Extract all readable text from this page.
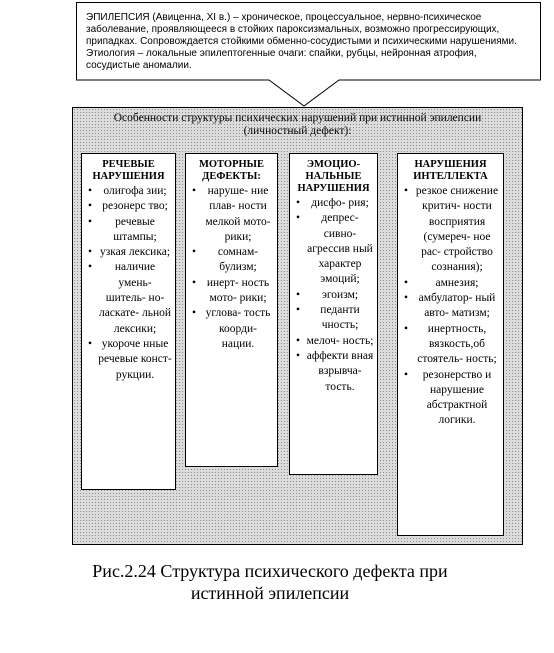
ЭПИЛЕПСИЯ (Авиценна, XI в.) – хроническое, процессуальное, нервно-психическое заболевание, проявляющееся в стойких пароксизмальных, возможно прогрессирующих, припадках. Сопровождается стойкими обменно-сосудистыми и психическими нарушениями. Этиология – локальные эпилептогенные очаги: спайки, рубцы, нейронная атрофия, сосудистые аномалии.
Особенности структуры психических нарушений при истинной эпилепсии
(личностный дефект):
РЕЧЕВЫЕ НАРУШЕНИЯ
• олигофа зии;
• резонерс тво;
• речевые штампы;
• узкая лексика;
• наличие умень- шитель- но- ласкате- льной лексики;
• укороче нные речевые конст- рукции.
МОТОРНЫЕ ДЕФЕКТЫ:
• наруше- ние плав- ности мелкой мото- рики;
• сомнам- булизм;
• инерт- ность мото- рики;
• углова- тость коорди- нации.
ЭМОЦИО- НАЛЬНЫЕ НАРУШЕНИЯ
• дисфо- рия;
• депрес- сивно- агрессив ный характер эмоций;
• эгоизм;
• педанти чность;
• мелоч- ность;
• аффекти вная взрывча- тость.
НАРУШЕНИЯ ИНТЕЛЛЕКТА
• резкое снижение критич- ности восприятия (сумереч- ное рас- стройство сознания);
• амнезия;
• амбулатор- ный авто- матизм;
• инертность, вязкость,об стоятель- ность;
• резонерство и нарушение абстрактной логики.
Рис.2.24 Структура психического дефекта при
истинной эпилепсии
